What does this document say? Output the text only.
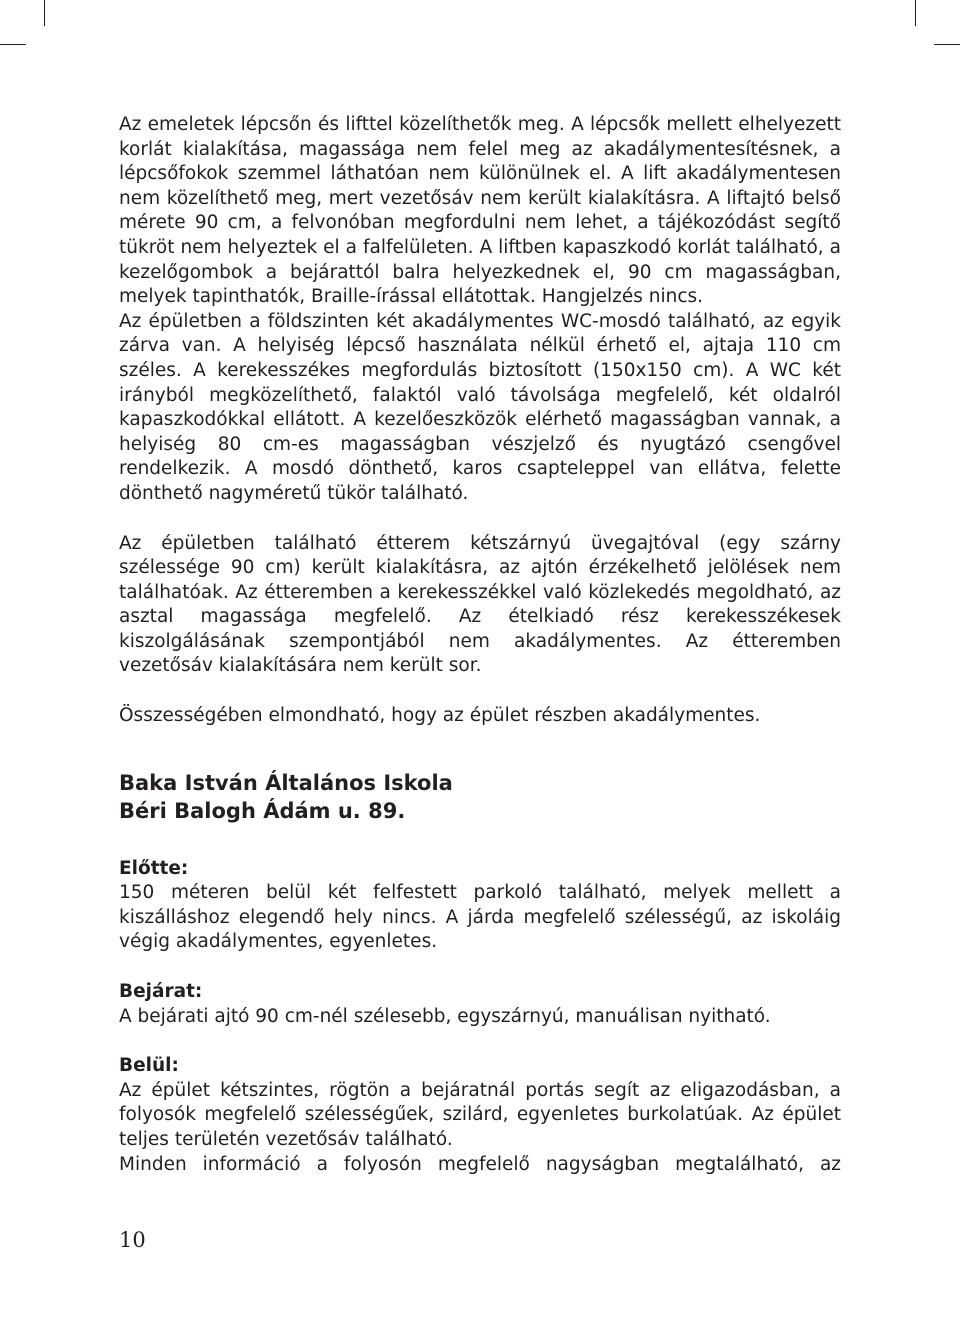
Az emeletek lépcsőn és lifttel közelíthetők meg. A lépcsők mellett elhelyezett korlát kialakítása, magassága nem felel meg az akadálymentesítésnek, a lépcsőfokok szemmel láthatóan nem különülnek el. A lift akadálymentesen nem közelíthető meg, mert vezetősáv nem került kialakításra. A liftajtó belső mérete 90 cm, a felvonóban megfordulni nem lehet, a tájékozódást segítő tükröt nem helyeztek el a falfelületen. A liftben kapaszkodó korlát található, a kezelőgombok a bejárattól balra helyezkednek el, 90 cm magasságban, melyek tapinthatók, Braille-írással ellátottak. Hangjelzés nincs.

Az épületben a földszinten két akadálymentes WC-mosdó található, az egyik zárva van. A helyiség lépcső használata nélkül érhető el, ajtaja 110 cm széles. A kerekesszékes megfordulás biztosított (150x150 cm). A WC két irányból megközelíthető, falaktól való távolsága megfelelő, két oldalról kapaszkodókkal ellátott. A kezelőeszközök elérhető magasságban vannak, a helyiség 80 cm-es magasságban vészjelző és nyugtázó csengővel rendelkezik. A mosdó dönthető, karos csapteleppel van ellátva, felette dönthető nagyméretű tükör található.

Az épületben található étterem kétszárnyú üvegajtóval (egy szárny szélessége 90 cm) került kialakításra, az ajtón érzékelhető jelölések nem találhatóak. Az étteremben a kerekesszékkel való közlekedés megoldható, az asztal magassága megfelelő. Az ételkiadó rész kerekesszékesek kiszolgálásának szempontjából nem akadálymentes. Az étteremben vezetősáv kialakítására nem került sor.

Összességében elmondható, hogy az épület részben akadálymentes.

Baka István Általános Iskola
Béri Balogh Ádám u. 89.
Előtte:

150 méteren belül két felfestett parkoló található, melyek mellett a kiszálláshoz elegendő hely nincs. A járda megfelelő szélességű, az iskoláig végig akadálymentes, egyenletes.

Bejárat:

A bejárati ajtó 90 cm-nél szélesebb, egyszárnyú, manuálisan nyitható.

Belül:

Az épület kétszintes, rögtön a bejáratnál portás segít az eligazodásban, a folyosók megfelelő szélességűek, szilárd, egyenletes burkolatúak. Az épület teljes területén vezetősáv található.

Minden információ a folyosón megfelelő nagyságban megtalálható, az

10
